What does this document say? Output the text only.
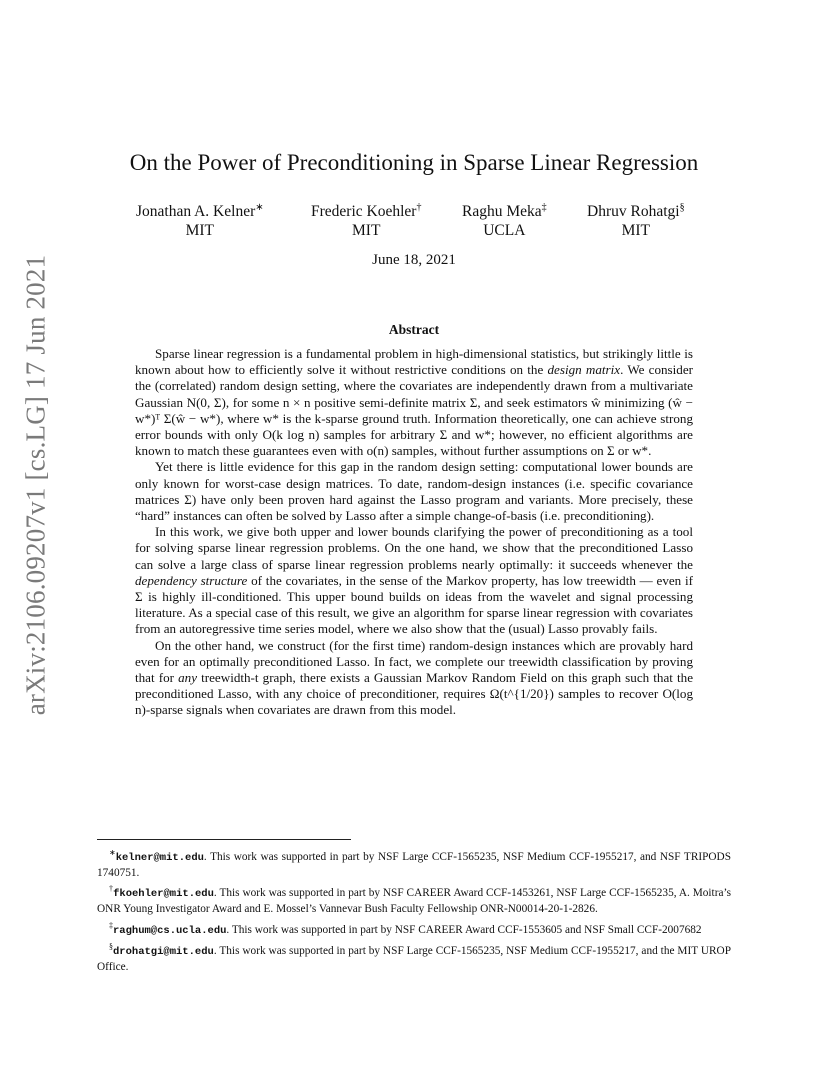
arXiv:2106.09207v1 [cs.LG] 17 Jun 2021
On the Power of Preconditioning in Sparse Linear Regression
Jonathan A. Kelner∗
MIT
Frederic Koehler†
MIT
Raghu Meka‡
UCLA
Dhruv Rohatgi§
MIT
June 18, 2021
Abstract

Sparse linear regression is a fundamental problem in high-dimensional statistics, but strikingly little is known about how to efficiently solve it without restrictive conditions on the design matrix. We consider the (correlated) random design setting, where the covariates are independently drawn from a multivariate Gaussian N(0, Σ), for some n × n positive semi-definite matrix Σ, and seek estimators ŵ minimizing (ŵ − w*)ᵀ Σ(ŵ − w*), where w* is the k-sparse ground truth. Information theoretically, one can achieve strong error bounds with only O(k log n) samples for arbitrary Σ and w*; however, no efficient algorithms are known to match these guarantees even with o(n) samples, without further assumptions on Σ or w*.

Yet there is little evidence for this gap in the random design setting: computational lower bounds are only known for worst-case design matrices. To date, random-design instances (i.e. specific covariance matrices Σ) have only been proven hard against the Lasso program and variants. More precisely, these “hard” instances can often be solved by Lasso after a simple change-of-basis (i.e. preconditioning).

In this work, we give both upper and lower bounds clarifying the power of preconditioning as a tool for solving sparse linear regression problems. On the one hand, we show that the preconditioned Lasso can solve a large class of sparse linear regression problems nearly optimally: it succeeds whenever the dependency structure of the covariates, in the sense of the Markov property, has low treewidth — even if Σ is highly ill-conditioned. This upper bound builds on ideas from the wavelet and signal processing literature. As a special case of this result, we give an algorithm for sparse linear regression with covariates from an autoregressive time series model, where we also show that the (usual) Lasso provably fails.

On the other hand, we construct (for the first time) random-design instances which are provably hard even for an optimally preconditioned Lasso. In fact, we complete our treewidth classification by proving that for any treewidth-t graph, there exists a Gaussian Markov Random Field on this graph such that the preconditioned Lasso, with any choice of preconditioner, requires Ω(t^{1/20}) samples to recover O(log n)-sparse signals when covariates are drawn from this model.

∗kelner@mit.edu. This work was supported in part by NSF Large CCF-1565235, NSF Medium CCF-1955217, and NSF TRIPODS 1740751.

†fkoehler@mit.edu. This work was supported in part by NSF CAREER Award CCF-1453261, NSF Large CCF-1565235, A. Moitra’s ONR Young Investigator Award and E. Mossel’s Vannevar Bush Faculty Fellowship ONR-N00014-20-1-2826.

‡raghum@cs.ucla.edu. This work was supported in part by NSF CAREER Award CCF-1553605 and NSF Small CCF-2007682

§drohatgi@mit.edu. This work was supported in part by NSF Large CCF-1565235, NSF Medium CCF-1955217, and the MIT UROP Office.
